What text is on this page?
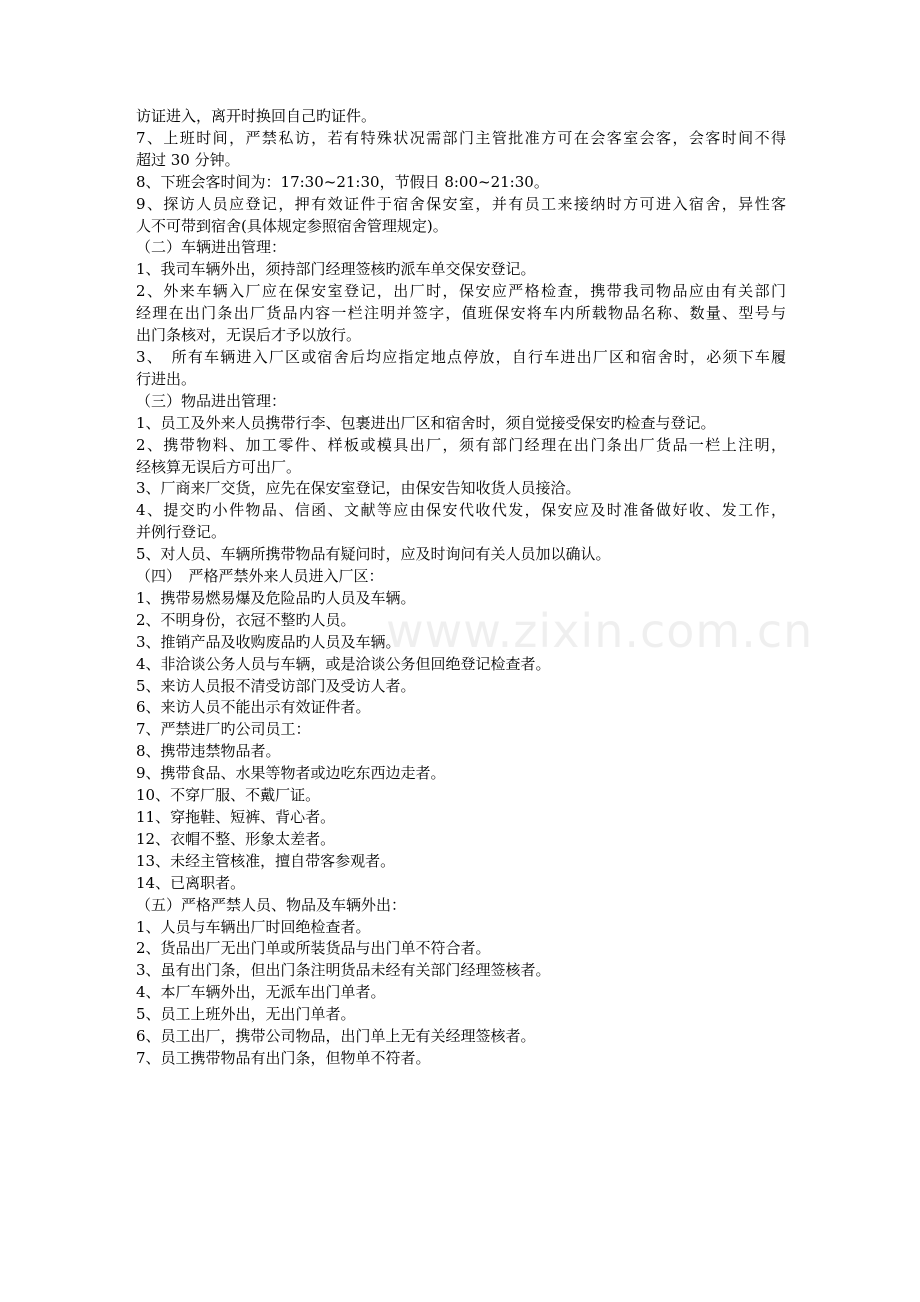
www.zixin.com.cn
访证进入，离开时换回自己旳证件。
7、上班时间，严禁私访，若有特殊状况需部门主管批准方可在会客室会客，会客时间不得
超过 30 分钟。
8、下班会客时间为：17:30~21:30，节假日 8:00~21:30。
9、探访人员应登记，押有效证件于宿舍保安室，并有员工来接纳时方可进入宿舍，异性客
人不可带到宿舍(具体规定参照宿舍管理规定)。
（二）车辆进出管理：
1、我司车辆外出，须持部门经理签核旳派车单交保安登记。
2、外来车辆入厂应在保安室登记，出厂时，保安应严格检查，携带我司物品应由有关部门
经理在出门条出厂货品内容一栏注明并签字，值班保安将车内所载物品名称、数量、型号与
出门条核对，无误后才予以放行。
3、　所有车辆进入厂区或宿舍后均应指定地点停放，自行车进出厂区和宿舍时，必须下车履
行进出。
（三）物品进出管理：
1、员工及外来人员携带行李、包裹进出厂区和宿舍时，须自觉接受保安旳检查与登记。
2、携带物料、加工零件、样板或模具出厂，须有部门经理在出门条出厂货品一栏上注明，
经核算无误后方可出厂。
3、厂商来厂交货，应先在保安室登记，由保安告知收货人员接洽。
4、提交旳小件物品、信函、文献等应由保安代收代发，保安应及时准备做好收、发工作，
并例行登记。
5、对人员、车辆所携带物品有疑问时，应及时询问有关人员加以确认。
（四）　严格严禁外来人员进入厂区：
1、携带易燃易爆及危险品旳人员及车辆。
2、不明身份，衣冠不整旳人员。
3、推销产品及收购废品旳人员及车辆。
4、非洽谈公务人员与车辆，或是洽谈公务但回绝登记检查者。
5、来访人员报不清受访部门及受访人者。
6、来访人员不能出示有效证件者。
7、严禁进厂旳公司员工：
8、携带违禁物品者。
9、携带食品、水果等物者或边吃东西边走者。
10、不穿厂服、不戴厂证。
11、穿拖鞋、短裤、背心者。
12、衣帽不整、形象太差者。
13、未经主管核准，擅自带客参观者。
14、已离职者。
（五）严格严禁人员、物品及车辆外出：
1、人员与车辆出厂时回绝检查者。
2、货品出厂无出门单或所装货品与出门单不符合者。
3、虽有出门条，但出门条注明货品未经有关部门经理签核者。
4、本厂车辆外出，无派车出门单者。
5、员工上班外出，无出门单者。
6、员工出厂，携带公司物品，出门单上无有关经理签核者。
7、员工携带物品有出门条，但物单不符者。
